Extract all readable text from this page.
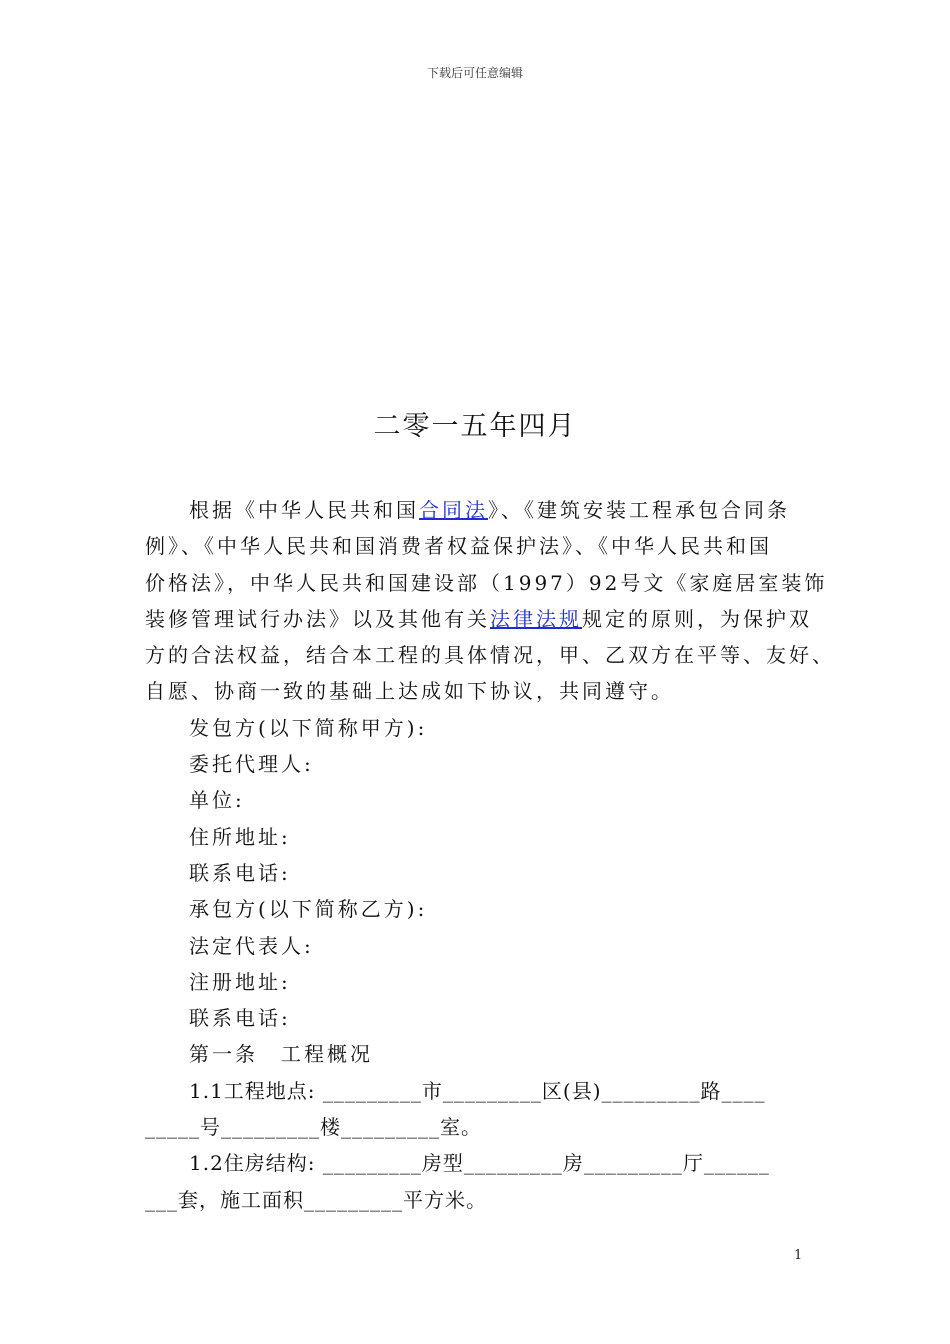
下载后可任意编辑
二零一五年四月

根据《中华人民共和国合同法》、《建筑安装工程承包合同条

例》、《中华人民共和国消费者权益保护法》、《中华人民共和国

价格法》，中华人民共和国建设部（1997）92号文《家庭居室装饰

装修管理试行办法》以及其他有关法律法规规定的原则，为保护双

方的合法权益，结合本工程的具体情况，甲、乙双方在平等、友好、

自愿、协商一致的基础上达成如下协议，共同遵守。

发包方(以下简称甲方):

委托代理人:

单位:

住所地址:

联系电话:

承包方(以下简称乙方):

法定代表人:

注册地址:

联系电话:

第一条　工程概况

1.1工程地点: _________市_________区(县)_________路____

_____号_________楼_________室。

1.2住房结构: _________房型_________房_________厅______

___套，施工面积_________平方米。

1
